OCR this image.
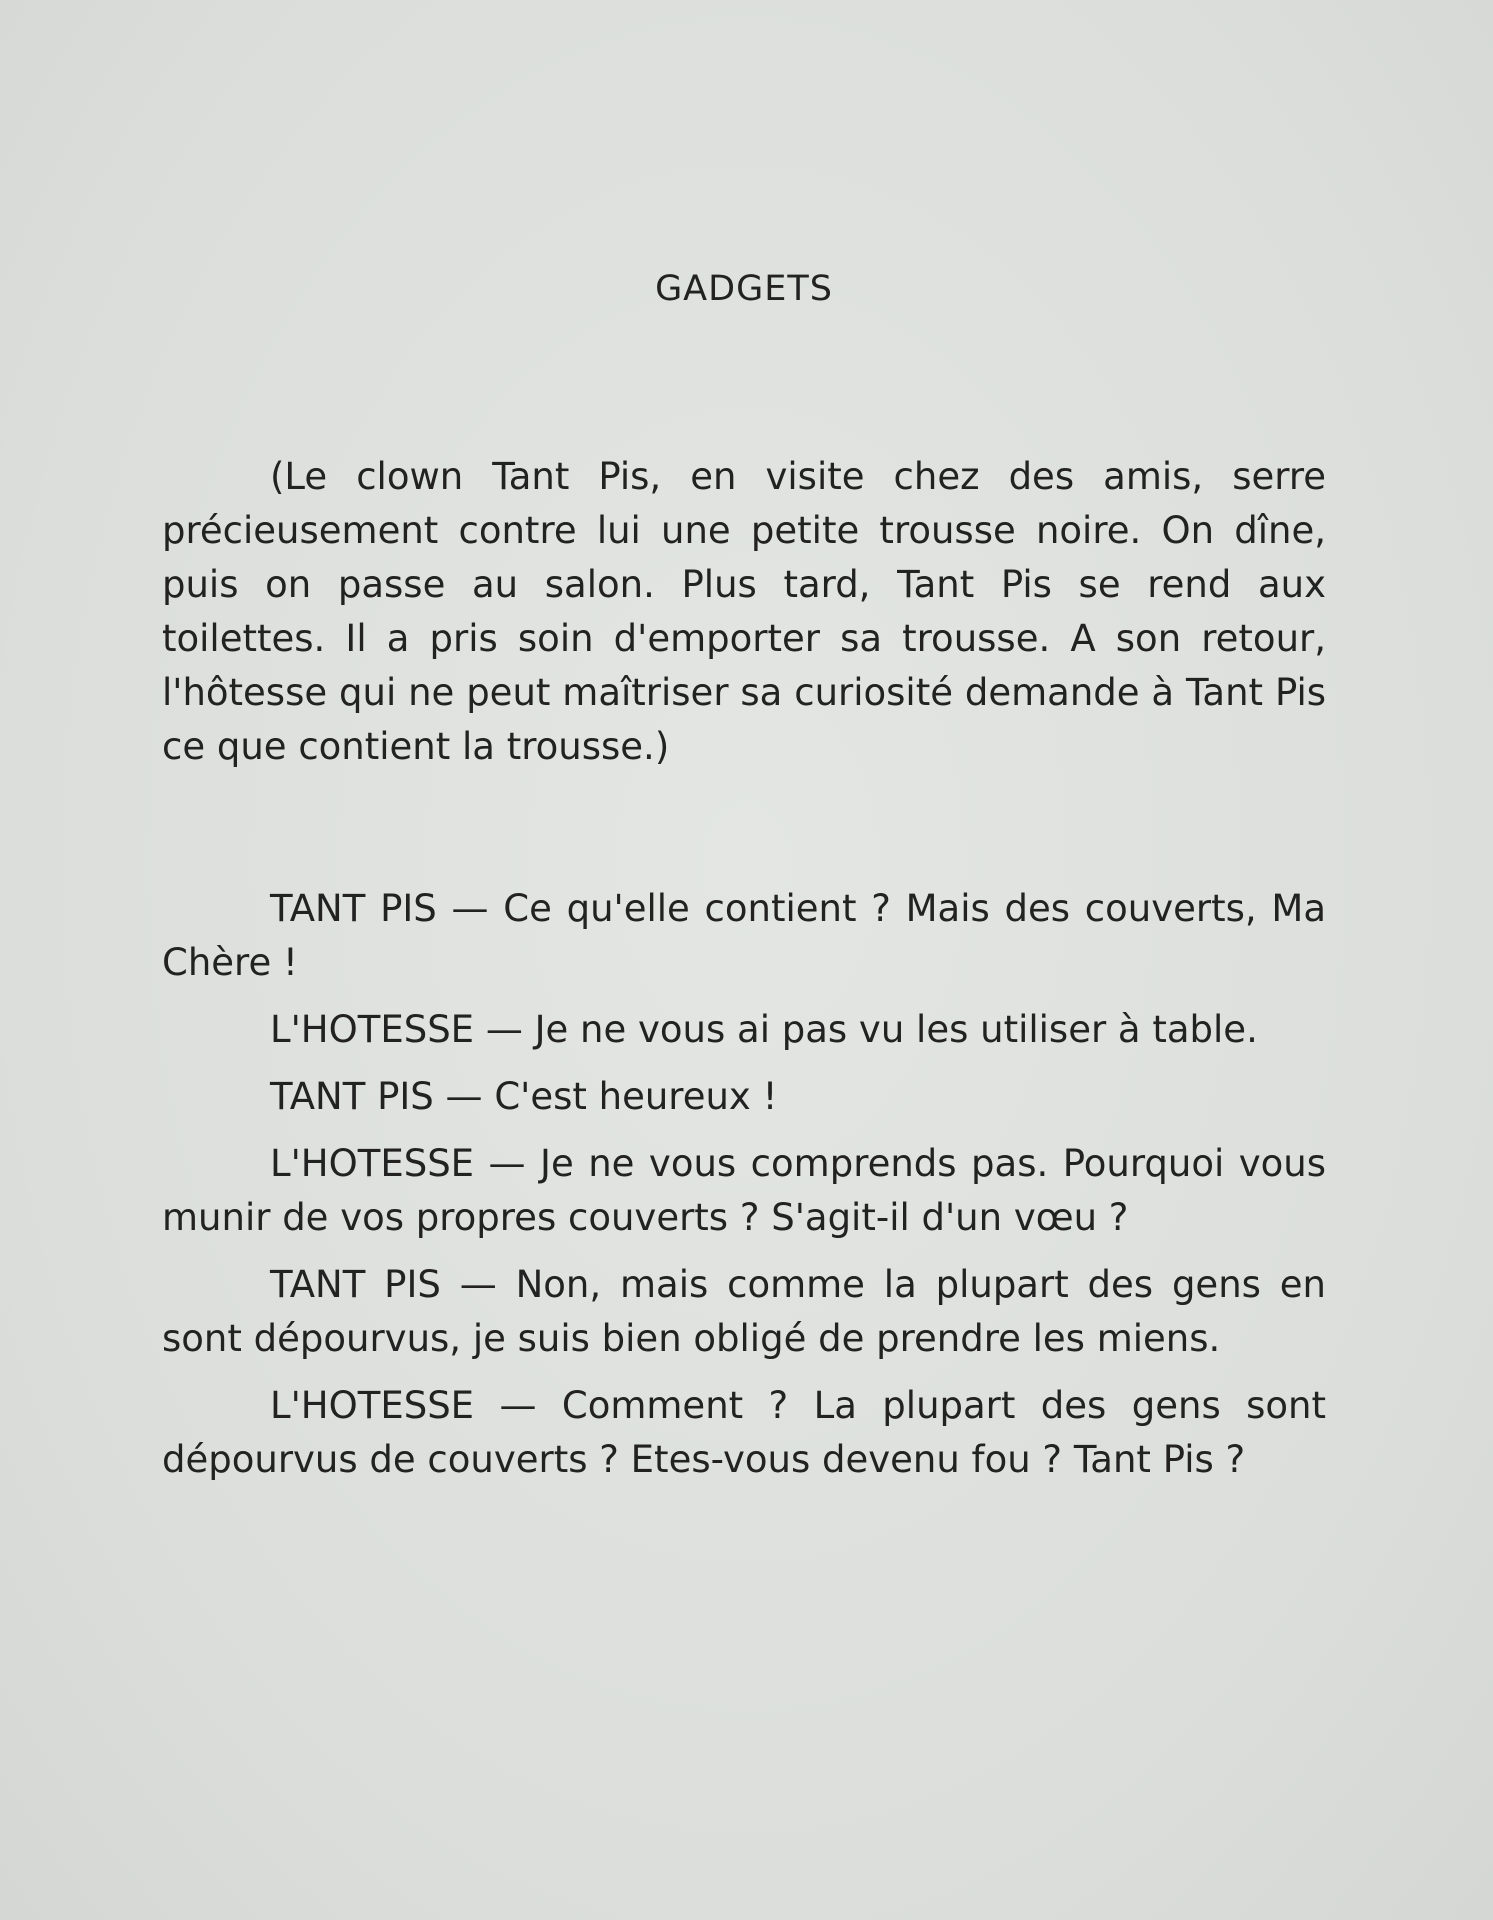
GADGETS

(Le clown Tant Pis, en visite chez des amis, serre précieusement contre lui une petite trousse noire. On dîne, puis on passe au salon. Plus tard, Tant Pis se rend aux toilettes. Il a pris soin d'emporter sa trousse. A son retour, l'hôtesse qui ne peut maîtriser sa curiosité demande à Tant Pis ce que contient la trousse.)

TANT PIS — Ce qu'elle contient ? Mais des couverts, Ma Chère !

L'HOTESSE — Je ne vous ai pas vu les utiliser à table.

TANT PIS — C'est heureux !

L'HOTESSE — Je ne vous comprends pas. Pourquoi vous munir de vos propres couverts ? S'agit-il d'un vœu ?

TANT PIS — Non, mais comme la plupart des gens en sont dépourvus, je suis bien obligé de prendre les miens.

L'HOTESSE — Comment ? La plupart des gens sont dépourvus de couverts ? Etes-vous devenu fou ? Tant Pis ?
